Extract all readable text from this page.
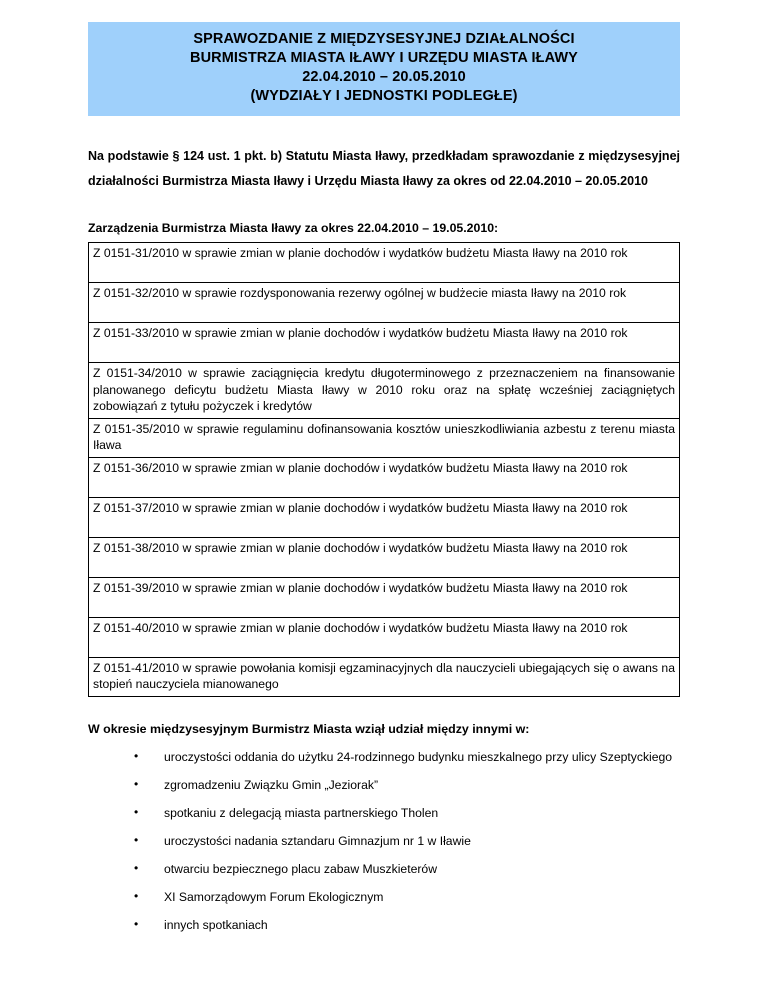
SPRAWOZDANIE Z MIĘDZYSESYJNEJ DZIAŁALNOŚCI
BURMISTRZA MIASTA IŁAWY I URZĘDU MIASTA IŁAWY
22.04.2010 – 20.05.2010
(WYDZIAŁY I JEDNOSTKI PODLEGŁE)

Na podstawie § 124 ust. 1 pkt. b) Statutu Miasta Iławy, przedkładam sprawozdanie z międzysesyjnej działalności Burmistrza Miasta Iławy i Urzędu Miasta Iławy za okres od 22.04.2010 – 20.05.2010

Zarządzenia Burmistrza Miasta Iławy za okres 22.04.2010 – 19.05.2010:
Z 0151-31/2010 w sprawie zmian w planie dochodów i wydatków budżetu Miasta Iławy na 2010 rok
Z 0151-32/2010 w sprawie rozdysponowania rezerwy ogólnej w budżecie miasta Iławy na 2010 rok
Z 0151-33/2010 w sprawie zmian w planie dochodów i wydatków budżetu Miasta Iławy na 2010 rok
Z 0151-34/2010 w sprawie zaciągnięcia kredytu długoterminowego z przeznaczeniem na finansowanie planowanego deficytu budżetu Miasta Iławy w 2010 roku oraz na spłatę wcześniej zaciągniętych zobowiązań z tytułu pożyczek i kredytów
Z 0151-35/2010 w sprawie regulaminu dofinansowania kosztów unieszkodliwiania azbestu z terenu miasta Iława
Z 0151-36/2010 w sprawie zmian w planie dochodów i wydatków budżetu Miasta Iławy na 2010 rok
Z 0151-37/2010 w sprawie zmian w planie dochodów i wydatków budżetu Miasta Iławy na 2010 rok
Z 0151-38/2010 w sprawie zmian w planie dochodów i wydatków budżetu Miasta Iławy na 2010 rok
Z 0151-39/2010 w sprawie zmian w planie dochodów i wydatków budżetu Miasta Iławy na 2010 rok
Z 0151-40/2010 w sprawie zmian w planie dochodów i wydatków budżetu Miasta Iławy na 2010 rok
Z 0151-41/2010 w sprawie powołania komisji egzaminacyjnych dla nauczycieli ubiegających się o awans na stopień nauczyciela mianowanego
W okresie międzysesyjnym Burmistrz Miasta wziął udział między innymi w:
• uroczystości oddania do użytku 24-rodzinnego budynku mieszkalnego przy ulicy Szeptyckiego
• zgromadzeniu Związku Gmin „Jeziorak”
• spotkaniu z delegacją miasta partnerskiego Tholen
• uroczystości nadania sztandaru Gimnazjum nr 1 w Iławie
• otwarciu bezpiecznego placu zabaw Muszkieterów
• XI Samorządowym Forum Ekologicznym
• innych spotkaniach
